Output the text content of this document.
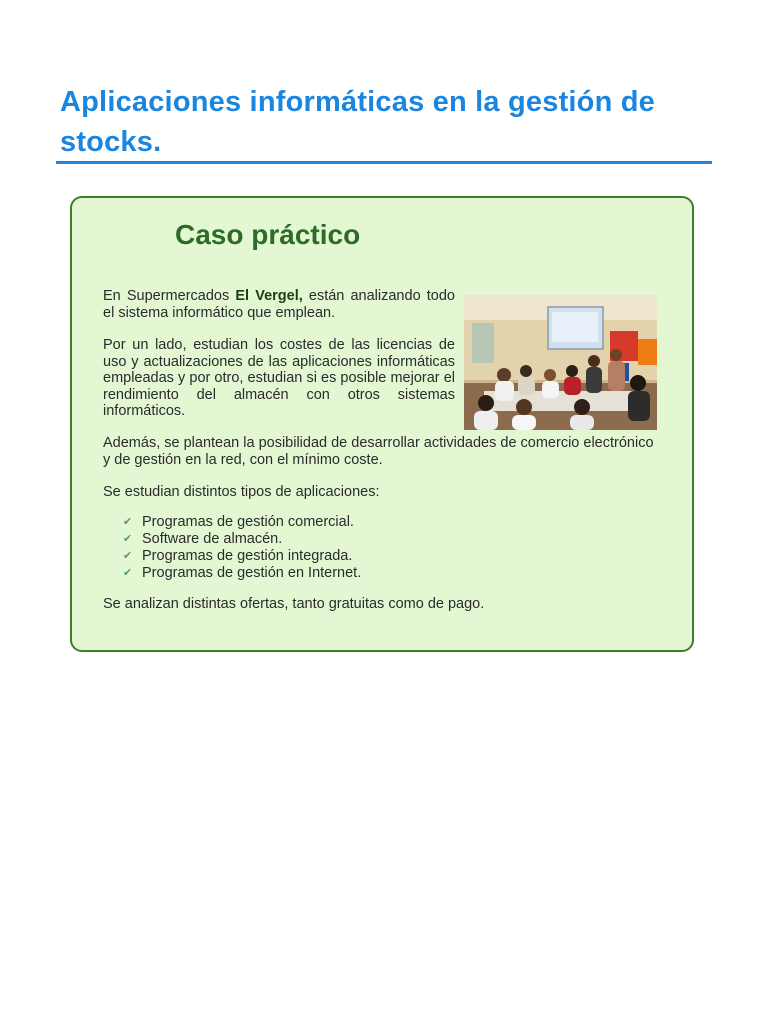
Aplicaciones informáticas en la gestión de stocks.
Caso práctico

En Supermercados El Vergel, están analizando todo el sistema informático que emplean.

Por un lado, estudian los costes de las licencias de uso y actualizaciones de las aplicaciones informáticas empleadas y por otro, estudian si es posible mejorar el rendimiento del almacén con otros sistemas informáticos.

Además, se plantean la posibilidad de desarrollar actividades de comercio electrónico y de gestión en la red, con el mínimo coste.

Se estudian distintos tipos de aplicaciones:

✔ Programas de gestión comercial.
✔ Software de almacén.
✔ Programas de gestión integrada.
✔ Programas de gestión en Internet.

Se analizan distintas ofertas, tanto gratuitas como de pago.
